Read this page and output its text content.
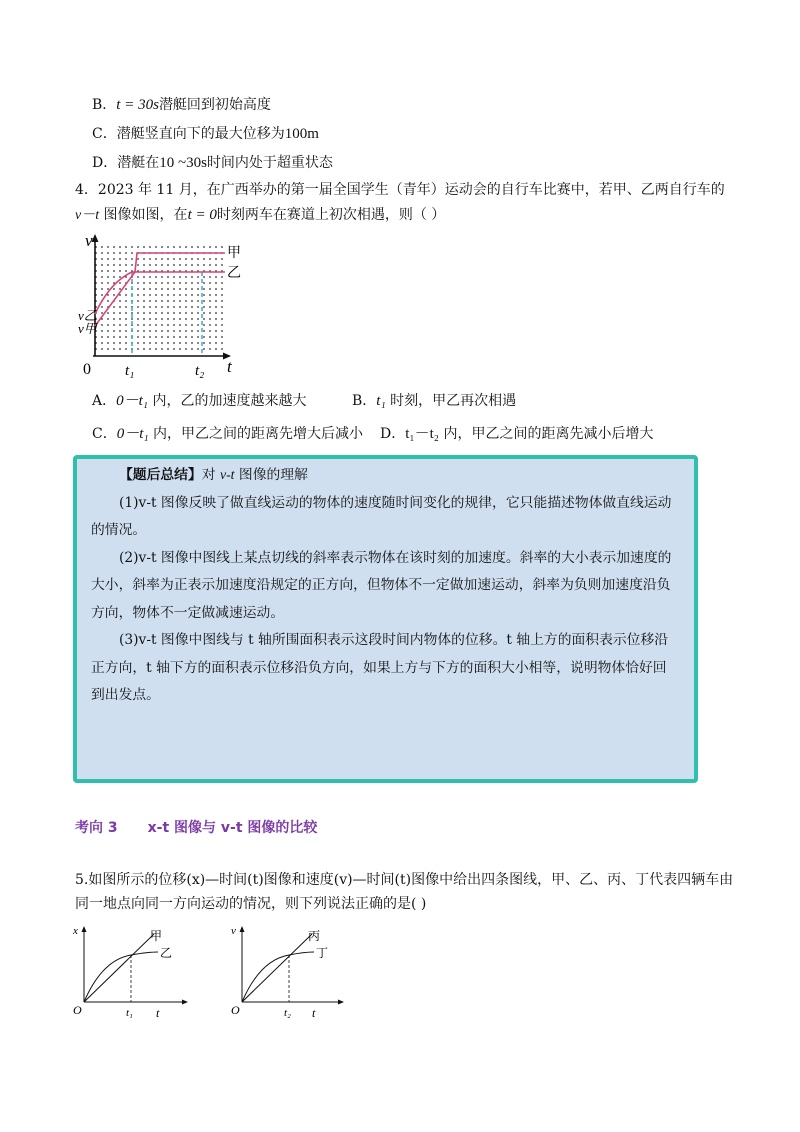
B．t = 30s潜艇回到初始高度
C．潜艇竖直向下的最大位移为100m
D．潜艇在10 ~30s时间内处于超重状态
4．2023 年 11 月，在广西举办的第一届全国学生（青年）运动会的自行车比赛中，若甲、乙两自行车的
v－t 图像如图，在t = 0时刻两车在赛道上初次相遇，则（ ）
v
t
0 t₁	t₂
v乙
v甲
甲
乙
A．0－t₁ 内，乙的加速度越来越大	B．t₁ 时刻，甲乙再次相遇
C．0－t₁ 内，甲乙之间的距离先增大后减小 D．t₁－t₂ 内，甲乙之间的距离先减小后增大

【题后总结】对 v-t 图像的理解

(1)v-t 图像反映了做直线运动的物体的速度随时间变化的规律，它只能描述物体做直线运动的情况。

(2)v-t 图像中图线上某点切线的斜率表示物体在该时刻的加速度。斜率的大小表示加速度的大小，斜率为正表示加速度沿规定的正方向，但物体不一定做加速运动，斜率为负则加速度沿负方向，物体不一定做减速运动。

(3)v-t 图像中图线与 t 轴所围面积表示这段时间内物体的位移。t 轴上方的面积表示位移沿正方向，t 轴下方的面积表示位移沿负方向，如果上方与下方的面积大小相等，说明物体恰好回到出发点。

考向 3 x-t 图像与 v-t 图像的比较
5.如图所示的位移(x)—时间(t)图像和速度(v)—时间(t)图像中给出四条图线，甲、乙、丙、丁代表四辆车由
同一地点向同一方向运动的情况，则下列说法正确的是( )
x
t
O	t₁
甲
乙
v
t
O	t₂
丙
丁
